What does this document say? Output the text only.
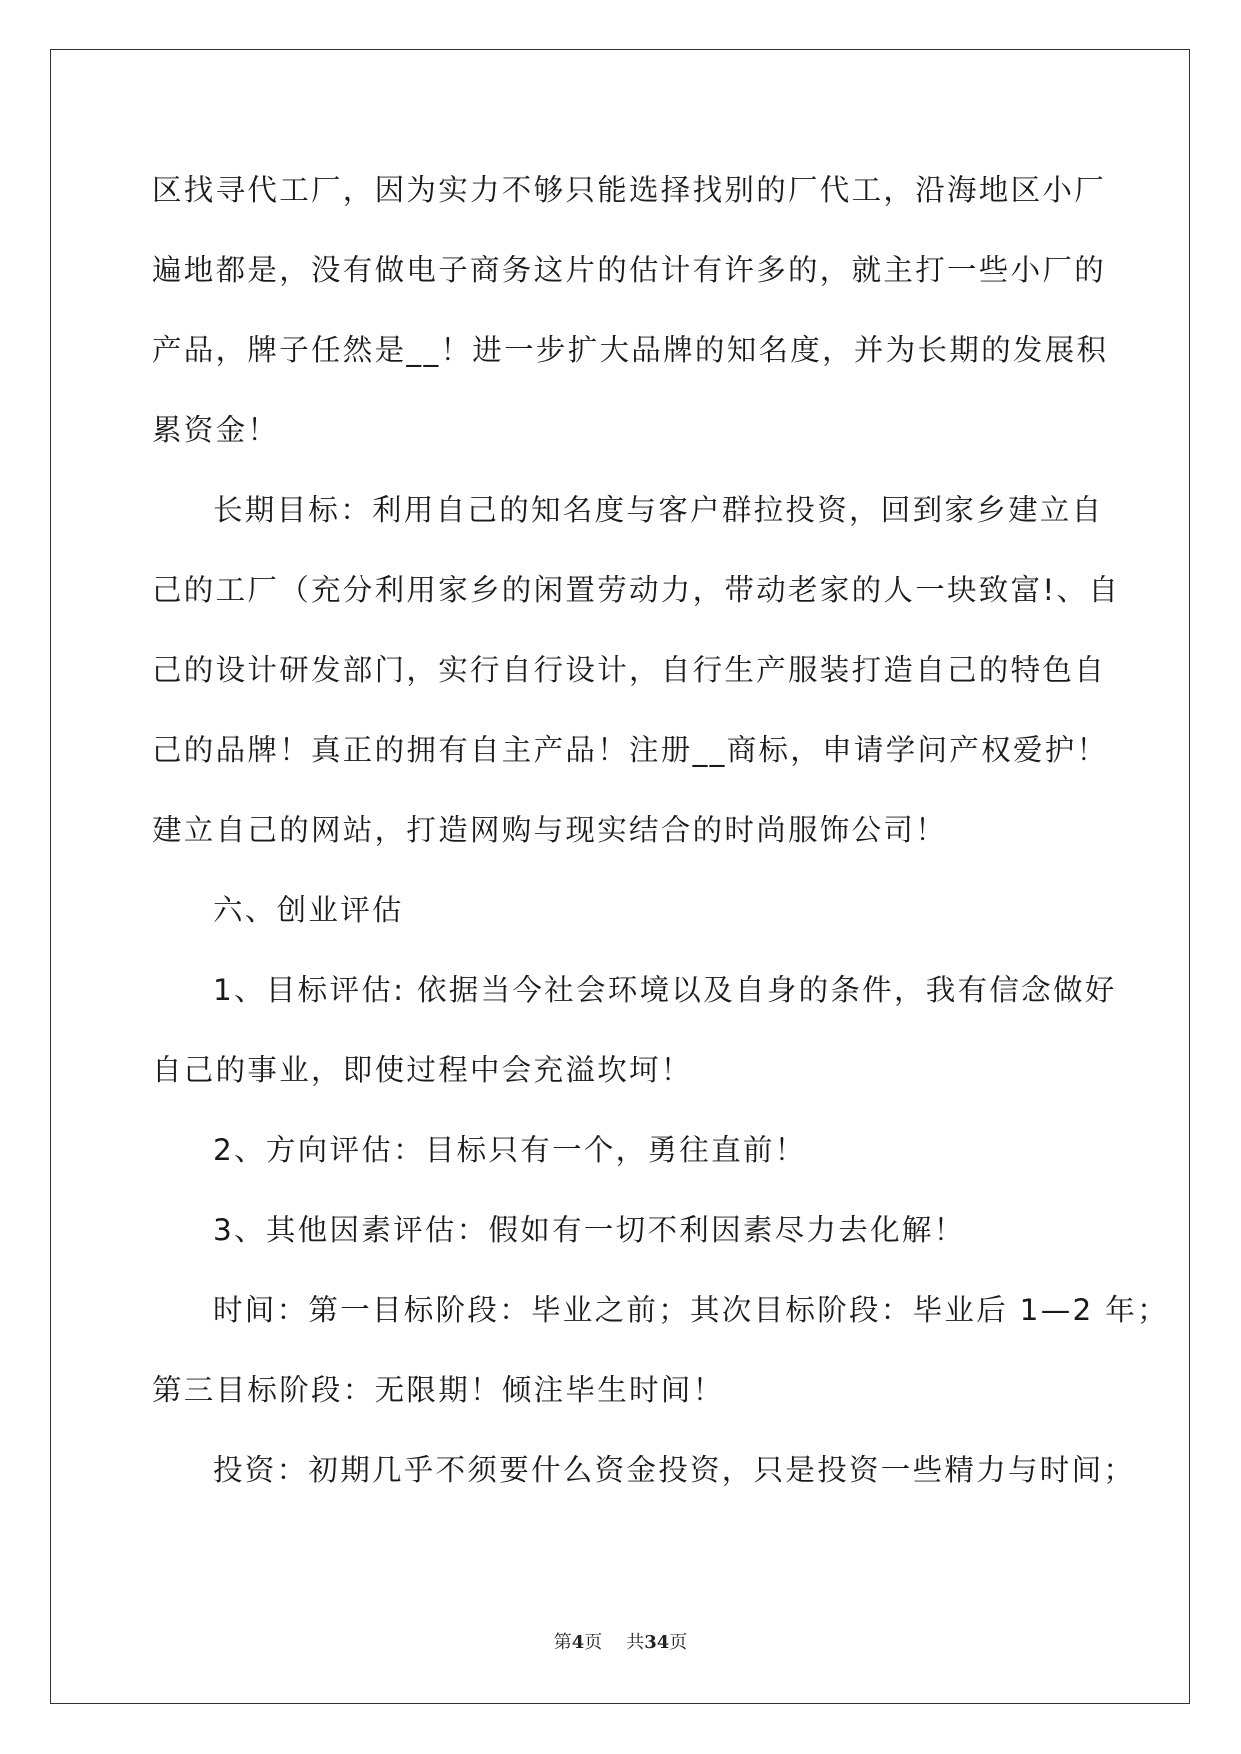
区找寻代工厂，因为实力不够只能选择找别的厂代工，沿海地区小厂
遍地都是，没有做电子商务这片的估计有许多的，就主打一些小厂的
产品，牌子任然是__！进一步扩大品牌的知名度，并为长期的发展积
累资金！
长期目标：利用自己的知名度与客户群拉投资，回到家乡建立自
己的工厂（充分利用家乡的闲置劳动力，带动老家的人一块致富!、自
己的设计研发部门，实行自行设计，自行生产服装打造自己的特色自
己的品牌！真正的拥有自主产品！注册__商标，申请学问产权爱护！
建立自己的网站，打造网购与现实结合的时尚服饰公司！
六、创业评估
1、目标评估: 依据当今社会环境以及自身的条件，我有信念做好
自己的事业，即使过程中会充溢坎坷！
2、方向评估：目标只有一个，勇往直前！
3、其他因素评估：假如有一切不利因素尽力去化解！
时间：第一目标阶段：毕业之前；其次目标阶段：毕业后 1—2 年；
第三目标阶段：无限期！倾注毕生时间！
投资：初期几乎不须要什么资金投资，只是投资一些精力与时间；
第4页 共34页
